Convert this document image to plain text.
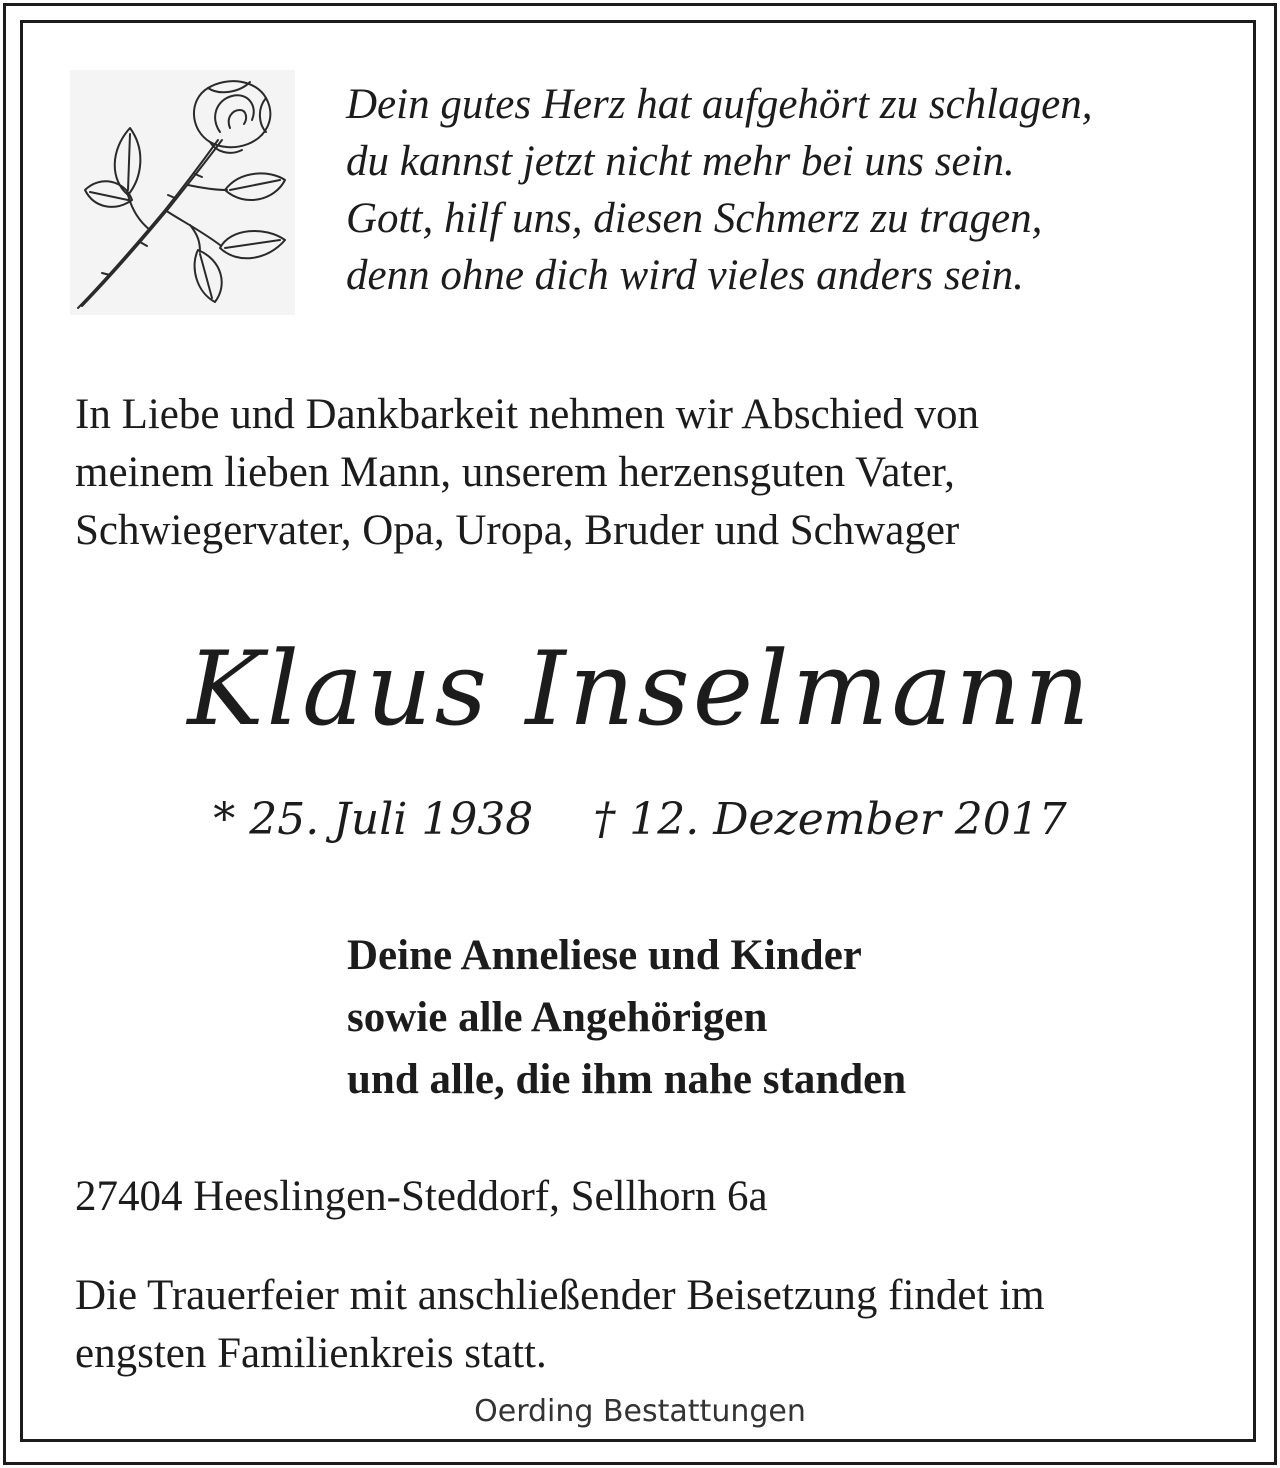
Dein gutes Herz hat aufgehört zu schlagen,
du kannst jetzt nicht mehr bei uns sein.
Gott, hilf uns, diesen Schmerz zu tragen,
denn ohne dich wird vieles anders sein.
In Liebe und Dankbarkeit nehmen wir Abschied von
meinem lieben Mann, unserem herzensguten Vater,
Schwiegervater, Opa, Uropa, Bruder und Schwager
Klaus Inselmann
* 25. Juli 1938 † 12. Dezember 2017
Deine Anneliese und Kinder
sowie alle Angehörigen
und alle, die ihm nahe standen
27404 Heeslingen-Steddorf, Sellhorn 6a
Die Trauerfeier mit anschließender Beisetzung findet im
engsten Familienkreis statt.
Oerding Bestattungen
